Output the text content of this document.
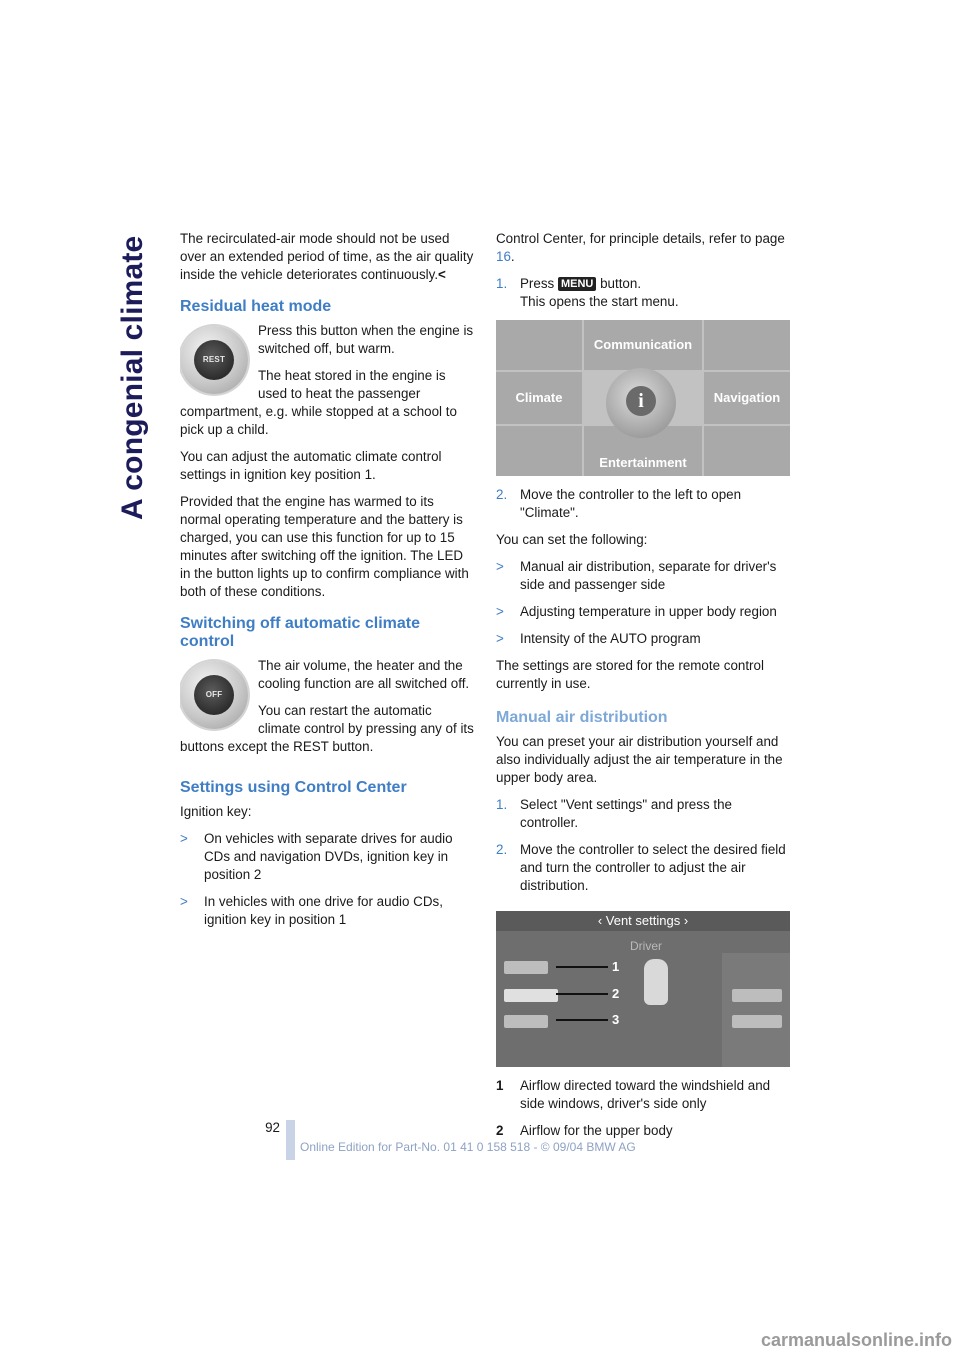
A congenial climate The recirculated-air mode should not be used over an extended period of time, as the air quality inside the vehicle deteriorates continuously.<

Residual heat mode
REST

Press this button when the engine is switched off, but warm.

The heat stored in the engine is used to heat the passenger compartment, e.g. while stopped at a school to pick up a child.

You can adjust the automatic climate control settings in ignition key position 1.

Provided that the engine has warmed to its normal operating temperature and the battery is charged, you can use this function for up to 15 minutes after switching off the ignition. The LED in the button lights up to confirm compliance with both of these conditions.

Switching off automatic climate control
OFF

The air volume, the heater and the cooling function are all switched off.

You can restart the automatic climate control by pressing any of its buttons except the REST button.

Settings using Control Center

Ignition key:

> On vehicles with separate drives for audio CDs and navigation DVDs, ignition key in position 2
> In vehicles with one drive for audio CDs, ignition key in position 1

Control Center, for principle details, refer to page 16.

1. Press MENU button.
This opens the start menu.
Communication
Climate	Navigation
Entertainment
i
2. Move the controller to the left to open "Climate".

You can set the following:

> Manual air distribution, separate for driver's side and passenger side
> Adjusting temperature in upper body region
> Intensity of the AUTO program

The settings are stored for the remote control currently in use.

Manual air distribution

You can preset your air distribution yourself and also individually adjust the air temperature in the upper body area.

1. Select "Vent settings" and press the controller.
2. Move the controller to select the desired field and turn the controller to adjust the air distribution.
‹ Vent settings ›
Driver
1
2
3
1 Airflow directed toward the windshield and side windows, driver's side only
2 Airflow for the upper body
92
Online Edition for Part-No. 01 41 0 158 518 - © 09/04 BMW AG
carmanualsonline.info
